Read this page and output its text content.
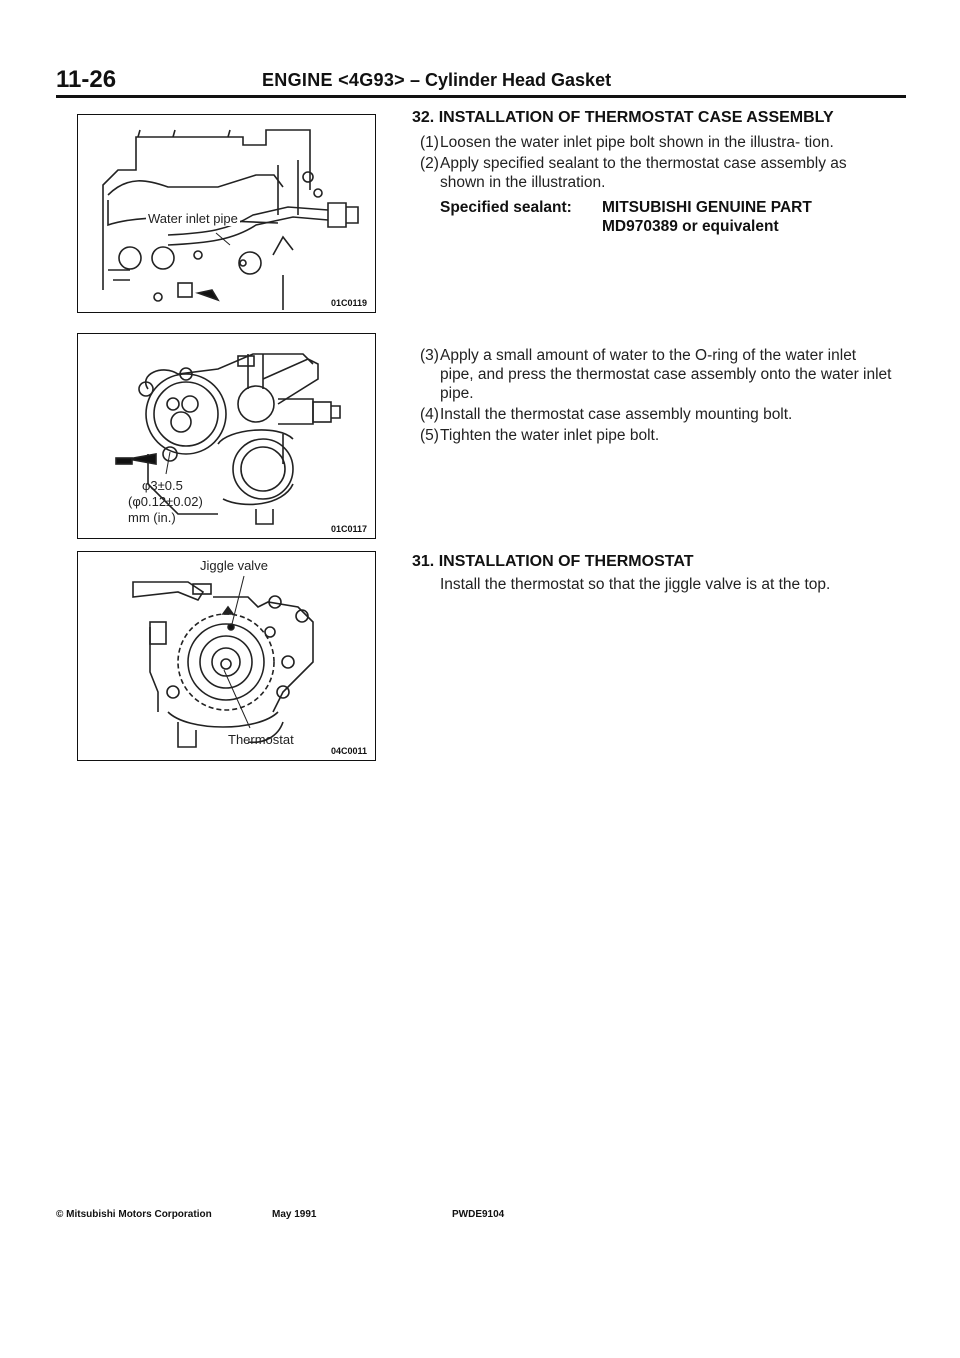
11-26	ENGINE <4G93> – Cylinder Head Gasket
Water inlet pipe
01C0119
φ3±0.5
(φ0.12±0.02)
mm (in.)
01C0117
Jiggle valve
Thermostat
04C0011
32. INSTALLATION OF THERMOSTAT CASE ASSEMBLY
(1) Loosen the water inlet pipe bolt shown in the illustra- tion.
(2) Apply specified sealant to the thermostat case assembly as shown in the illustration.
Specified sealant: MITSUBISHI GENUINE PART MD970389 or equivalent
(3) Apply a small amount of water to the O-ring of the water inlet pipe, and press the thermostat case assembly onto the water inlet pipe.
(4) Install the thermostat case assembly mounting bolt.
(5) Tighten the water inlet pipe bolt.
31. INSTALLATION OF THERMOSTAT
Install the thermostat so that the jiggle valve is at the top.
© Mitsubishi Motors Corporation	May 1991	PWDE9104
